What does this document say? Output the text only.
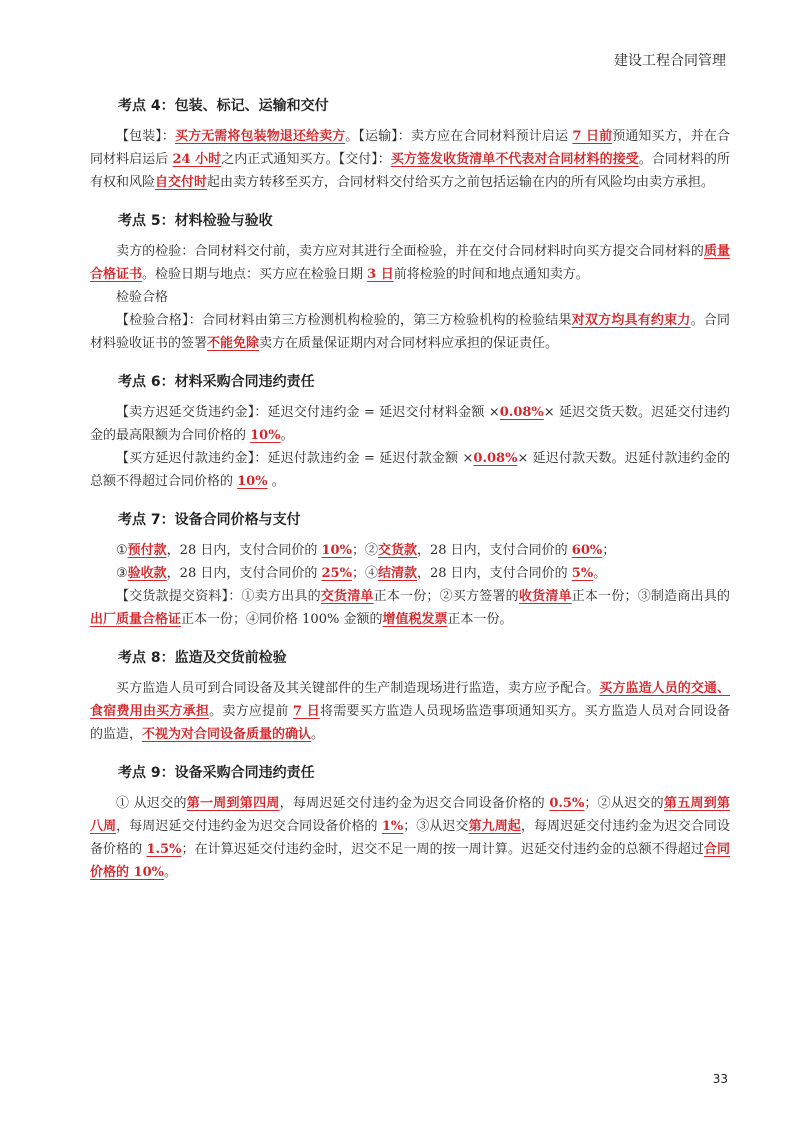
建设工程合同管理
考点 4：包装、标记、运输和交付

【包装】：买方无需将包装物退还给卖方。【运输】：卖方应在合同材料预计启运 7 日前预通知买方，并在合同材料启运后 24 小时之内正式通知买方。【交付】：买方签发收货清单不代表对合同材料的接受。合同材料的所有权和风险自交付时起由卖方转移至买方，合同材料交付给买方之前包括运输在内的所有风险均由卖方承担。

考点 5：材料检验与验收

卖方的检验：合同材料交付前，卖方应对其进行全面检验，并在交付合同材料时向买方提交合同材料的质量合格证书。检验日期与地点：买方应在检验日期 3 日前将检验的时间和地点通知卖方。

检验合格

【检验合格】：合同材料由第三方检测机构检验的，第三方检验机构的检验结果对双方均具有约束力。合同材料验收证书的签署不能免除卖方在质量保证期内对合同材料应承担的保证责任。

考点 6：材料采购合同违约责任

【卖方迟延交货违约金】：延迟交付违约金 = 延迟交付材料金额 ×0.08%× 延迟交货天数。迟延交付违约金的最高限额为合同价格的 10%。

【买方延迟付款违约金】：延迟付款违约金 = 延迟付款金额 ×0.08%× 延迟付款天数。迟延付款违约金的总额不得超过合同价格的 10% 。

考点 7：设备合同价格与支付

①预付款，28 日内，支付合同价的 10%；②交货款，28 日内，支付合同价的 60%；

③验收款，28 日内，支付合同价的 25%；④结清款，28 日内，支付合同价的 5%。

【交货款提交资料】：①卖方出具的交货清单正本一份；②买方签署的收货清单正本一份；③制造商出具的出厂质量合格证正本一份；④同价格 100% 金额的增值税发票正本一份。

考点 8：监造及交货前检验

买方监造人员可到合同设备及其关键部件的生产制造现场进行监造，卖方应予配合。买方监造人员的交通、食宿费用由买方承担。卖方应提前 7 日将需要买方监造人员现场监造事项通知买方。买方监造人员对合同设备的监造，不视为对合同设备质量的确认。

考点 9：设备采购合同违约责任

① 从迟交的第一周到第四周，每周迟延交付违约金为迟交合同设备价格的 0.5%；②从迟交的第五周到第八周，每周迟延交付违约金为迟交合同设备价格的 1%；③从迟交第九周起，每周迟延交付违约金为迟交合同设备价格的 1.5%；在计算迟延交付违约金时，迟交不足一周的按一周计算。迟延交付违约金的总额不得超过合同价格的 10%。

33
